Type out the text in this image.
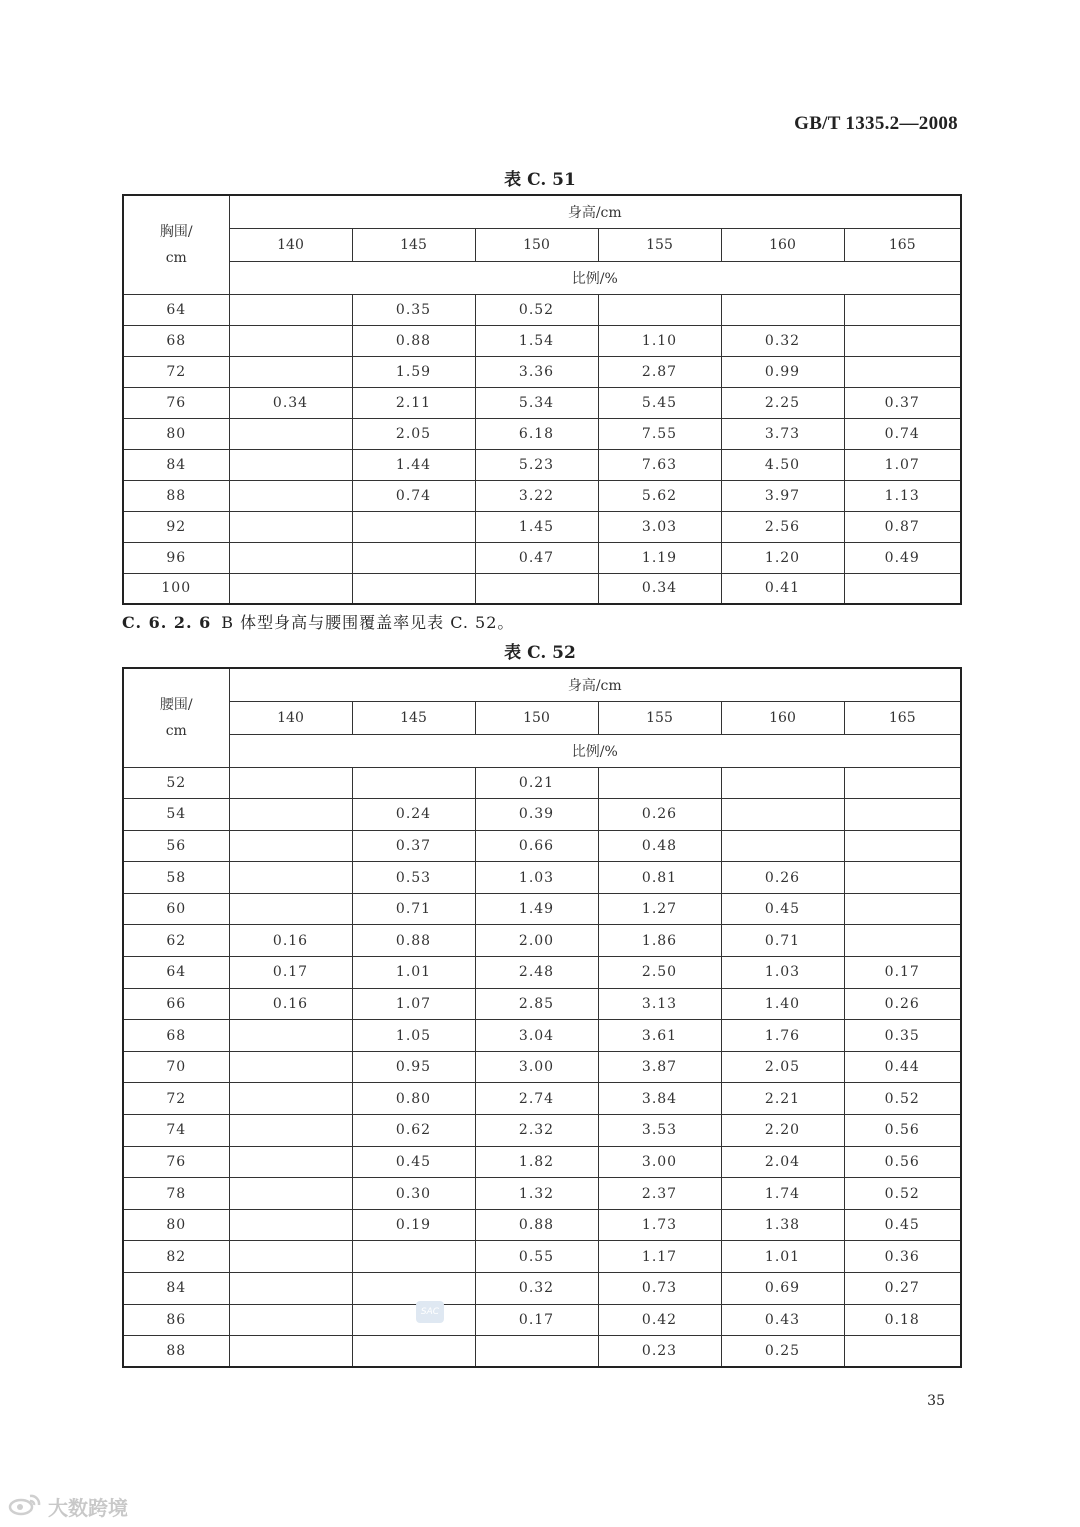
GB/T 1335.2—2008
表 C. 51
胸围/
cm	身高/cm					
	140	145	150	155	160	165
	比例/%					
64		0.35	0.52			
68		0.88	1.54	1.10	0.32	
72		1.59	3.36	2.87	0.99	
76	0.34	2.11	5.34	5.45	2.25	0.37
80		2.05	6.18	7.55	3.73	0.74
84		1.44	5.23	7.63	4.50	1.07
88		0.74	3.22	5.62	3.97	1.13
92			1.45	3.03	2.56	0.87
96			0.47	1.19	1.20	0.49
100				0.34	0.41	
C. 6. 2. 6 B 体型身高与腰围覆盖率见表 C. 52。
表 C. 52
腰围/
cm	身高/cm					
	140	145	150	155	160	165
	比例/%					
52			0.21			
54		0.24	0.39	0.26		
56		0.37	0.66	0.48		
58		0.53	1.03	0.81	0.26	
60		0.71	1.49	1.27	0.45	
62	0.16	0.88	2.00	1.86	0.71	
64	0.17	1.01	2.48	2.50	1.03	0.17
66	0.16	1.07	2.85	3.13	1.40	0.26
68		1.05	3.04	3.61	1.76	0.35
70		0.95	3.00	3.87	2.05	0.44
72		0.80	2.74	3.84	2.21	0.52
74		0.62	2.32	3.53	2.20	0.56
76		0.45	1.82	3.00	2.04	0.56
78		0.30	1.32	2.37	1.74	0.52
80		0.19	0.88	1.73	1.38	0.45
82			0.55	1.17	1.01	0.36
84			0.32	0.73	0.69	0.27
86			0.17	0.42	0.43	0.18
88				0.23	0.25	
SAC
35
大数跨境
